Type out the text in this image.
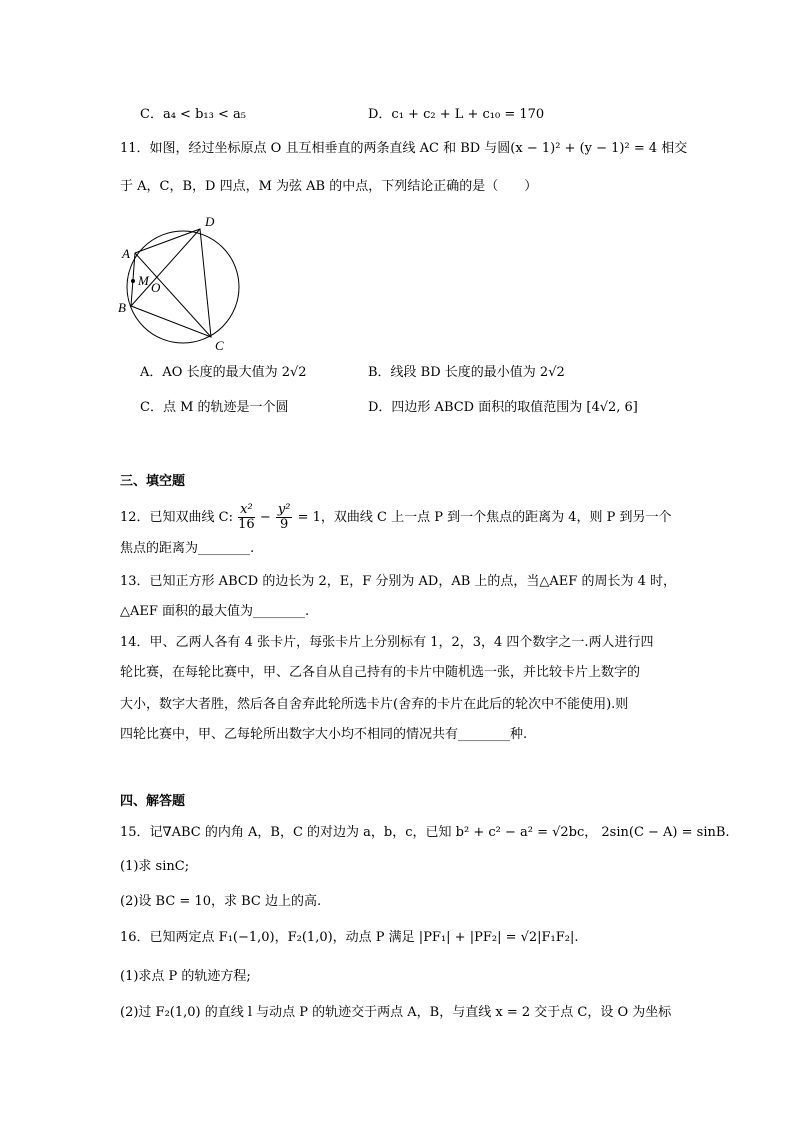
C．a₄ < b₁₃ < a₅	D．c₁ + c₂ + L + c₁₀ = 170
11．如图，经过坐标原点 O 且互相垂直的两条直线 AC 和 BD 与圆(x − 1)² + (y − 1)² = 4 相交
于 A，C，B，D 四点，M 为弦 AB 的中点，下列结论正确的是（　　）
D
A
M O
B
C
A．AO 长度的最大值为 2√2	B．线段 BD 长度的最小值为 2√2
C．点 M 的轨迹是一个圆	D．四边形 ABCD 面积的取值范围为 [4√2, 6]
三、填空题
12．已知双曲线 C: $\frac{\text{x²}}{16} - \frac{\text{y²}}{9} = 1$，双曲线 C 上一点 P 到一个焦点的距离为 4，则 P 到另一个
焦点的距离为________.
13．已知正方形 ABCD 的边长为 2，E，F 分别为 AD，AB 上的点，当△AEF 的周长为 4 时，
△AEF 面积的最大值为________.
14．甲、乙两人各有 4 张卡片，每张卡片上分别标有 1，2，3，4 四个数字之一.两人进行四
轮比赛，在每轮比赛中，甲、乙各自从自己持有的卡片中随机选一张，并比较卡片上数字的
大小，数字大者胜，然后各自舍弃此轮所选卡片(舍弃的卡片在此后的轮次中不能使用).则
四轮比赛中，甲、乙每轮所出数字大小均不相同的情况共有________种.
四、解答题
15．记∇ABC 的内角 A，B，C 的对边为 a，b，c，已知 b² + c² − a² = √2bc， 2sin(C − A) = sinB.
(1)求 sinC;
(2)设 BC = 10，求 BC 边上的高.
16．已知两定点 F₁(−1,0)，F₂(1,0)，动点 P 满足 |PF₁| + |PF₂| = √2|F₁F₂|.
(1)求点 P 的轨迹方程;
(2)过 F₂(1,0) 的直线 l 与动点 P 的轨迹交于两点 A，B，与直线 x = 2 交于点 C，设 O 为坐标
